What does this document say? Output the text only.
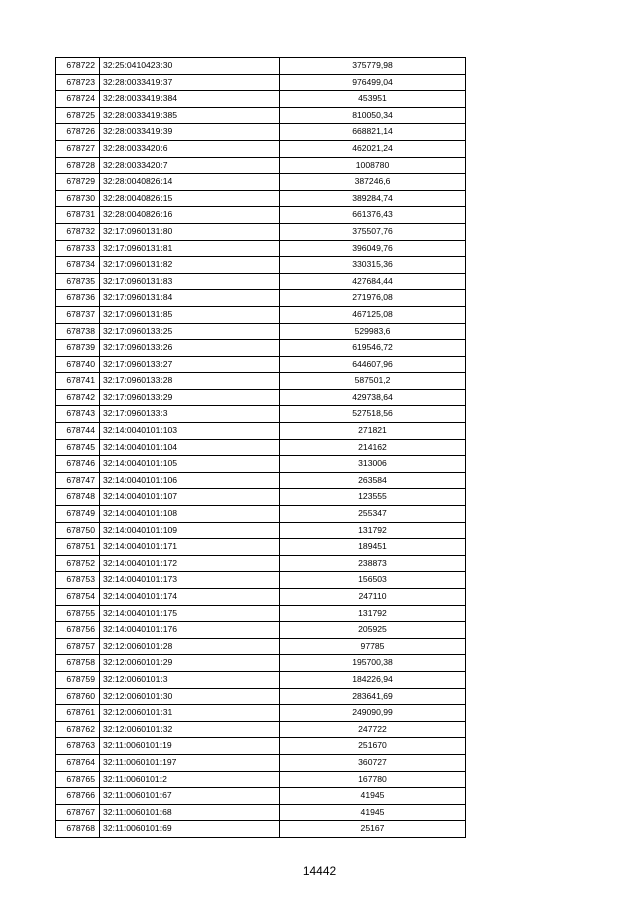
678722	32:25:0410423:30	375779,98
678723	32:28:0033419:37	976499,04
678724	32:28:0033419:384	453951
678725	32:28:0033419:385	810050,34
678726	32:28:0033419:39	668821,14
678727	32:28:0033420:6	462021,24
678728	32:28:0033420:7	1008780
678729	32:28:0040826:14	387246,6
678730	32:28:0040826:15	389284,74
678731	32:28:0040826:16	661376,43
678732	32:17:0960131:80	375507,76
678733	32:17:0960131:81	396049,76
678734	32:17:0960131:82	330315,36
678735	32:17:0960131:83	427684,44
678736	32:17:0960131:84	271976,08
678737	32:17:0960131:85	467125,08
678738	32:17:0960133:25	529983,6
678739	32:17:0960133:26	619546,72
678740	32:17:0960133:27	644607,96
678741	32:17:0960133:28	587501,2
678742	32:17:0960133:29	429738,64
678743	32:17:0960133:3	527518,56
678744	32:14:0040101:103	271821
678745	32:14:0040101:104	214162
678746	32:14:0040101:105	313006
678747	32:14:0040101:106	263584
678748	32:14:0040101:107	123555
678749	32:14:0040101:108	255347
678750	32:14:0040101:109	131792
678751	32:14:0040101:171	189451
678752	32:14:0040101:172	238873
678753	32:14:0040101:173	156503
678754	32:14:0040101:174	247110
678755	32:14:0040101:175	131792
678756	32:14:0040101:176	205925
678757	32:12:0060101:28	97785
678758	32:12:0060101:29	195700,38
678759	32:12:0060101:3	184226,94
678760	32:12:0060101:30	283641,69
678761	32:12:0060101:31	249090,99
678762	32:12:0060101:32	247722
678763	32:11:0060101:19	251670
678764	32:11:0060101:197	360727
678765	32:11:0060101:2	167780
678766	32:11:0060101:67	41945
678767	32:11:0060101:68	41945
678768	32:11:0060101:69	25167
14442
